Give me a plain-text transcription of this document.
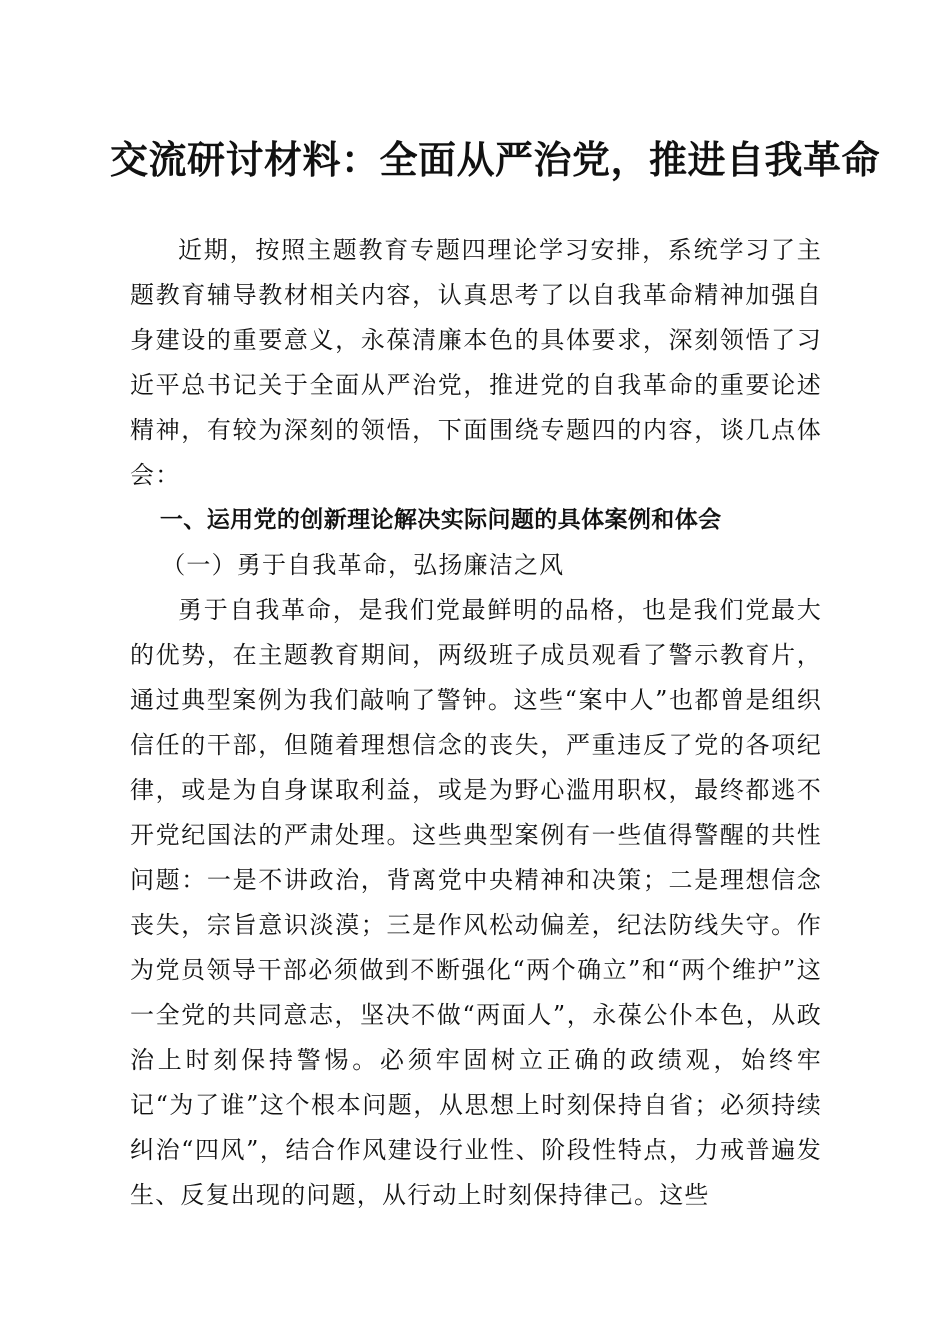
交流研讨材料：全面从严治党，推进自我革命

近期，按照主题教育专题四理论学习安排，系统学习了主题教育辅导教材相关内容，认真思考了以自我革命精神加强自身建设的重要意义，永葆清廉本色的具体要求，深刻领悟了习近平总书记关于全面从严治党，推进党的自我革命的重要论述精神，有较为深刻的领悟，下面围绕专题四的内容，谈几点体会：

一、运用党的创新理论解决实际问题的具体案例和体会

（一）勇于自我革命，弘扬廉洁之风

勇于自我革命，是我们党最鲜明的品格，也是我们党最大的优势，在主题教育期间，两级班子成员观看了警示教育片，通过典型案例为我们敲响了警钟。这些“案中人”也都曾是组织信任的干部，但随着理想信念的丧失，严重违反了党的各项纪律，或是为自身谋取利益，或是为野心滥用职权，最终都逃不开党纪国法的严肃处理。这些典型案例有一些值得警醒的共性问题：一是不讲政治，背离党中央精神和决策；二是理想信念丧失，宗旨意识淡漠；三是作风松动偏差，纪法防线失守。作为党员领导干部必须做到不断强化“两个确立”和“两个维护”这一全党的共同意志，坚决不做“两面人”，永葆公仆本色，从政治上时刻保持警惕。必须牢固树立正确的政绩观，始终牢记“为了谁”这个根本问题，从思想上时刻保持自省；必须持续纠治“四风”，结合作风建设行业性、阶段性特点，力戒普遍发生、反复出现的问题，从行动上时刻保持律己。这些
